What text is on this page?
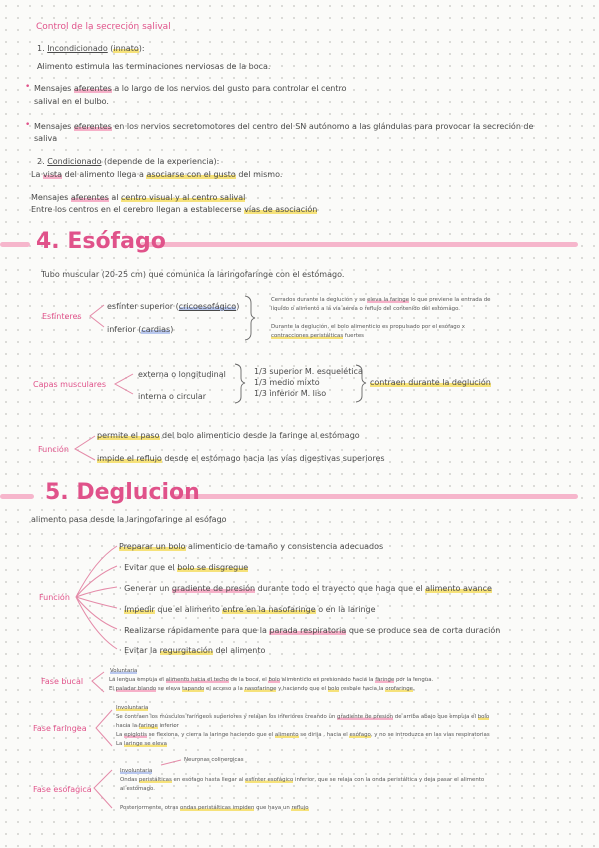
Control de la secreción salival
1. Incondicionado (innato):
Alimento estimula las terminaciones nerviosas de la boca.
• Mensajes aferentes a lo largo de los nervios del gusto para controlar el centro
salival en el bulbo.
• Mensajes eferentes en los nervios secretomotores del centro del SN autónomo a las glándulas para provocar la secreción de
saliva
2. Condicionado (depende de la experiencia):
La vista del alimento llega a asociarse con el gusto del mismo.
Mensajes aferentes al centro visual y al centro salival
Entre los centros en el cerebro llegan a establecerse vías de asociación
4. Esófago
Tubo muscular (20-25 cm) que comunica la laringofaringe con el estómago.
Esfínteres
esfínter superior (cricoesofágico)
inferior (cardias)
Cerrados durante la deglución y se eleva la faringe lo que previene la entrada de
líquido o alimento a la vía aérea o reflujo del contenido del estómago.
Durante la deglución, el bolo alimenticio es propulsado por el esófago x
contracciones peristálticas fuertes
Capas musculares
externa o longitudinal
interna o circular
1/3 superior M. esquelética
1/3 medio mixto
1/3 inferior M. liso
contraen durante la deglución
Función
permite el paso del bolo alimenticio desde la faringe al estómago
impide el reflujo desde el estómago hacia las vías digestivas superiores
5. Deglucion
alimento pasa desde la laringofaringe al esófago
Función
Preparar un bolo alimenticio de tamaño y consistencia adecuados
· Evitar que el bolo se disgregue
· Generar un gradiente de presión durante todo el trayecto que haga que el alimento avance
· Impedir que el alimento entre en la nasofaringe o en la laringe
· Realizarse rápidamente para que la parada respiratoria que se produce sea de corta duración
· Evitar la regurgitación del alimento
Fase bucal
Voluntaria
La lengua empuja el alimento hacia el techo de la boca, el bolo alimenticio es presionado hacia la faringe por la lengua.
El paladar blando se eleva tapando el acceso a la nasofaringe y haciendo que el bolo resbale hacia la orofaringe.
Fase faringea
Involuntaria
Se contraen los músculos faríngeos superiores y relajan los inferiores creando un gradiente de presión de arriba abajo que empuja el bolo
hacia la faringe inferior
La epiglotis se flexiona, y cierra la laringe haciendo que el alimento se dirija , hacia el esófago, y no se introduzca en las vías respiratorias
La laringe se eleva
Fase esofagica
Involuntaria
Neuronas colinergicas
Ondas peristálticas en esófago hasta llegar al esfínter esofágico inferior, que se relaja con la onda peristáltica y deja pasar el alimento
al estómago.
Posteriormente, otras ondas peristálticas impiden que haya un reflujo
